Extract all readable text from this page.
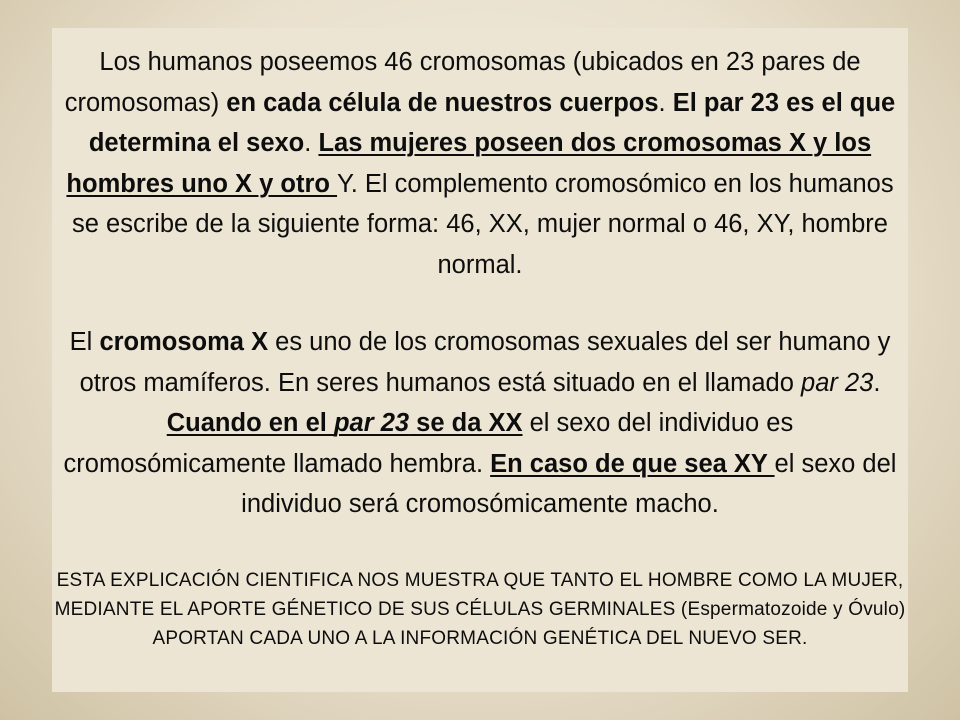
Los humanos poseemos 46 cromosomas (ubicados en 23 pares de cromosomas) en cada célula de nuestros cuerpos. El par 23 es el que determina el sexo. Las mujeres poseen dos cromosomas X y los hombres uno X y otro Y. El complemento cromosómico en los humanos se escribe de la siguiente forma: 46, XX, mujer normal o 46, XY, hombre normal.

El cromosoma X es uno de los cromosomas sexuales del ser humano y otros mamíferos. En seres humanos está situado en el llamado par 23. Cuando en el par 23 se da XX el sexo del individuo es cromosómicamente llamado hembra. En caso de que sea XY el sexo del individuo será cromosómicamente macho.

ESTA EXPLICACIÓN CIENTIFICA NOS MUESTRA QUE TANTO EL HOMBRE COMO LA MUJER, MEDIANTE EL APORTE GÉNETICO DE SUS CÉLULAS GERMINALES (Espermatozoide y Óvulo) APORTAN CADA UNO A LA INFORMACIÓN GENÉTICA DEL NUEVO SER.
